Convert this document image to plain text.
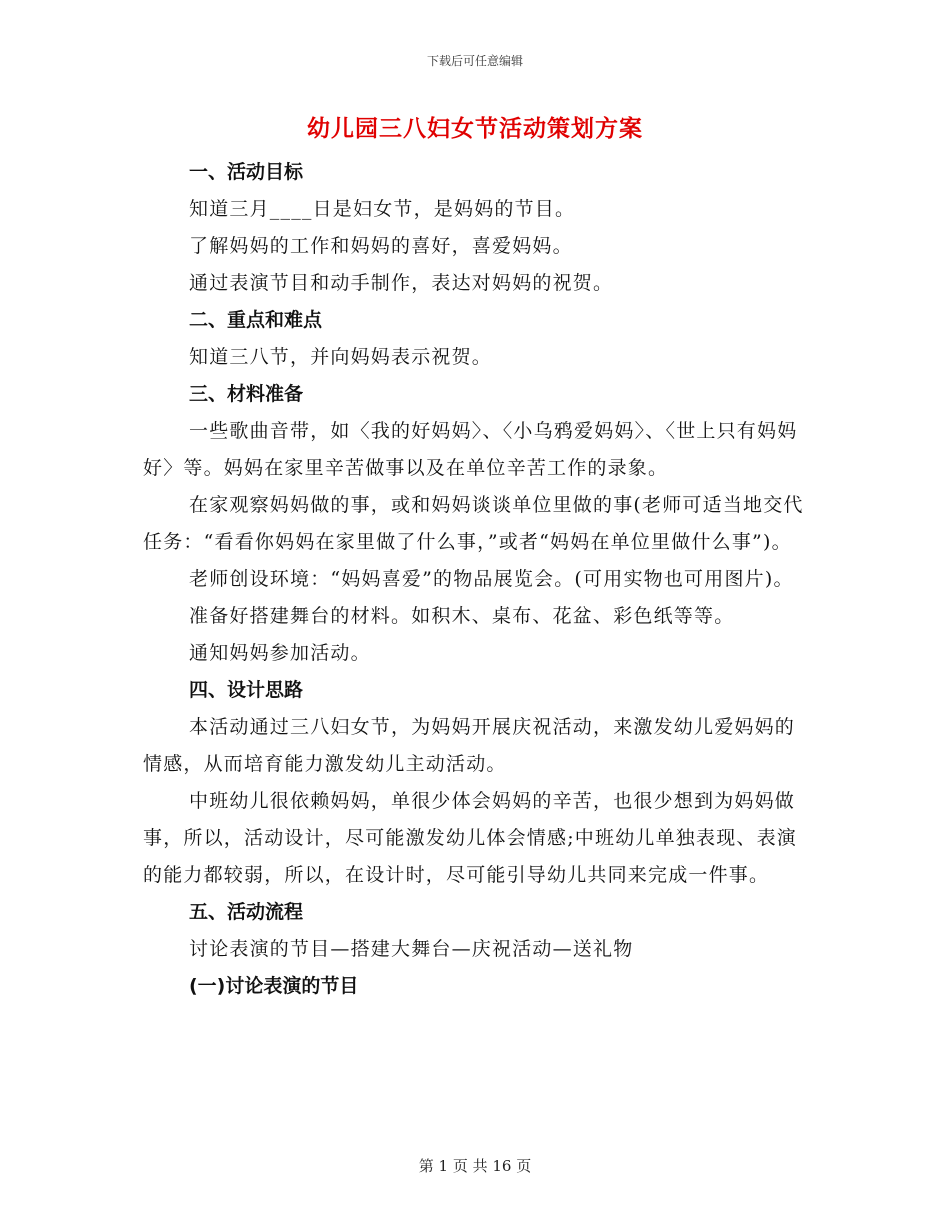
下载后可任意编辑
幼儿园三八妇女节活动策划方案
一、活动目标

知道三月____日是妇女节，是妈妈的节目。

了解妈妈的工作和妈妈的喜好，喜爱妈妈。

通过表演节目和动手制作，表达对妈妈的祝贺。

二、重点和难点

知道三八节，并向妈妈表示祝贺。

三、材料准备

一些歌曲音带，如〈我的好妈妈〉、〈小乌鸦爱妈妈〉、〈世上只有妈妈好〉等。妈妈在家里辛苦做事以及在单位辛苦工作的录象。

在家观察妈妈做的事，或和妈妈谈谈单位里做的事(老师可适当地交代任务：“看看你妈妈在家里做了什么事，”或者“妈妈在单位里做什么事”)。

老师创设环境：“妈妈喜爱”的物品展览会。(可用实物也可用图片)。

准备好搭建舞台的材料。如积木、桌布、花盆、彩色纸等等。

通知妈妈参加活动。

四、设计思路

本活动通过三八妇女节，为妈妈开展庆祝活动，来激发幼儿爱妈妈的情感，从而培育能力激发幼儿主动活动。

中班幼儿很依赖妈妈，单很少体会妈妈的辛苦，也很少想到为妈妈做事，所以，活动设计，尽可能激发幼儿体会情感;中班幼儿单独表现、表演的能力都较弱，所以，在设计时，尽可能引导幼儿共同来完成一件事。

五、活动流程

讨论表演的节目—搭建大舞台—庆祝活动—送礼物

(一)讨论表演的节目
第 1 页 共 16 页
